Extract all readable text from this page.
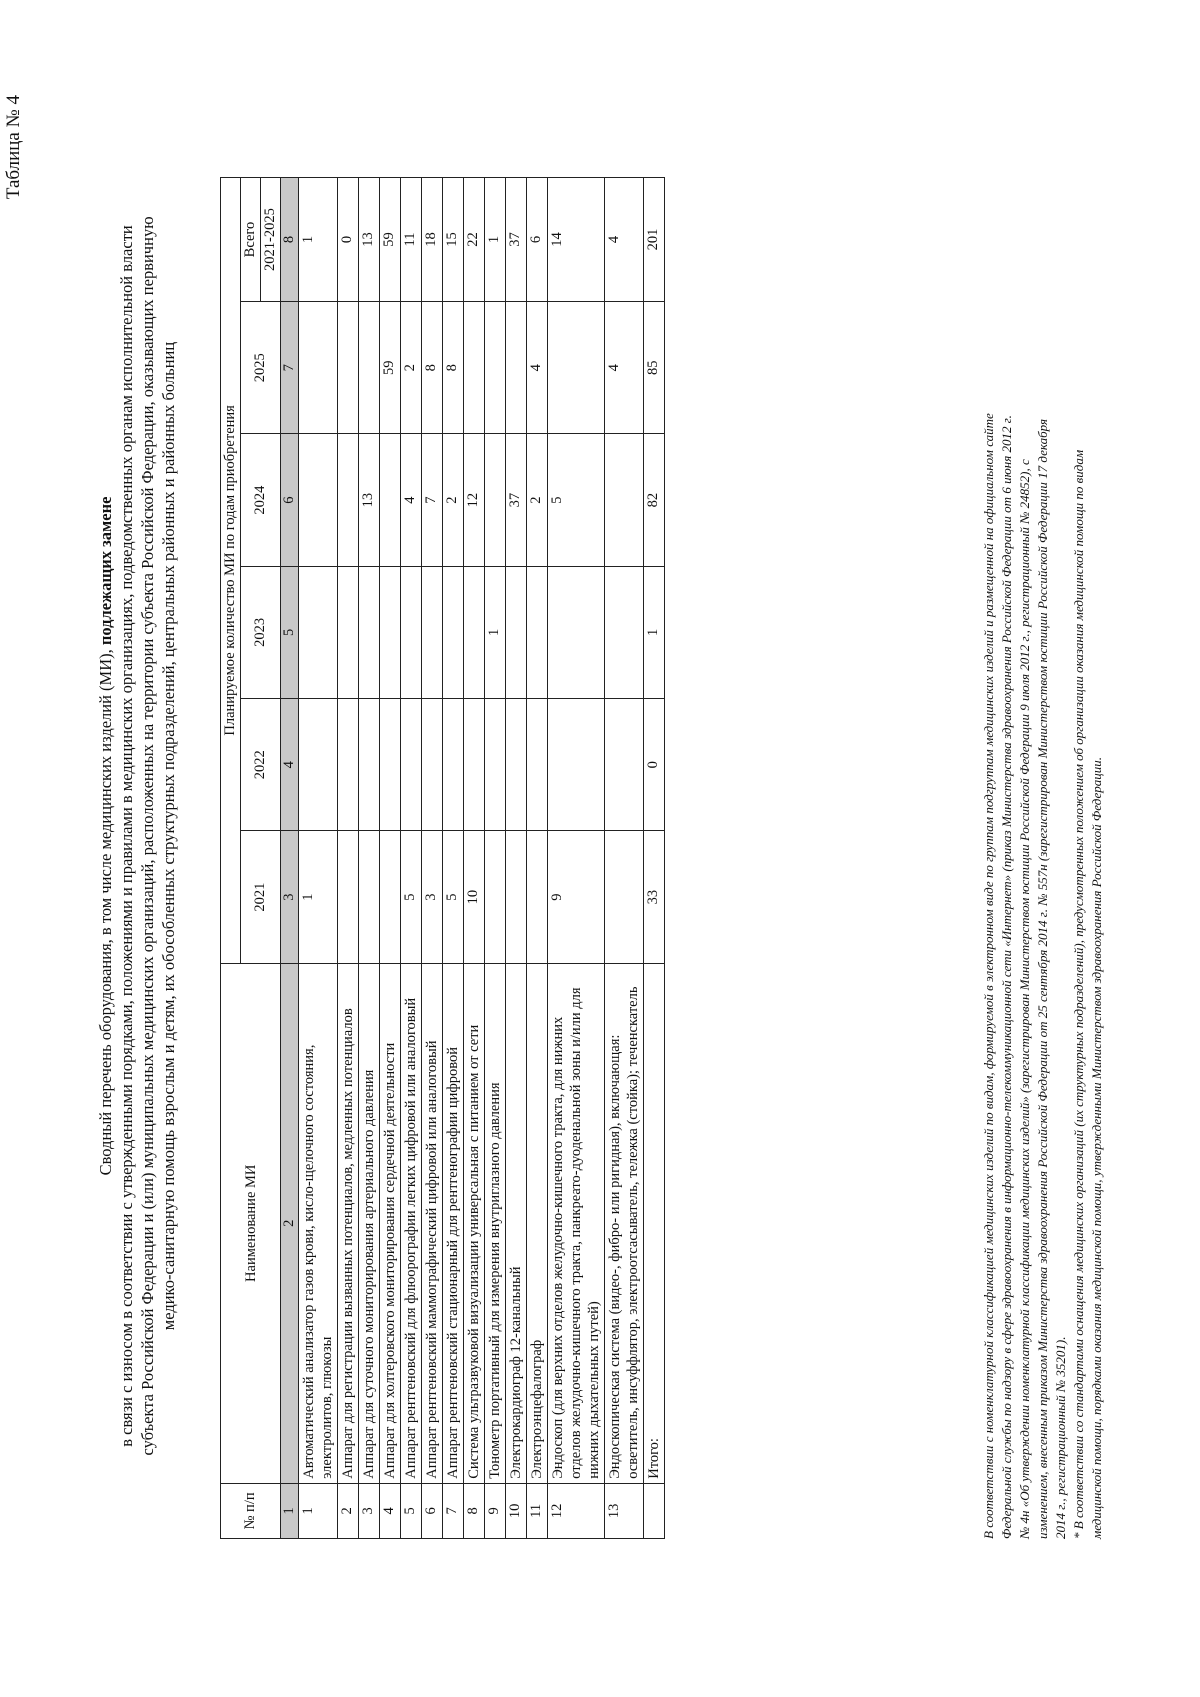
Таблица № 4
Сводный перечень оборудования, в том числе медицинских изделий (МИ), подлежащих замене в связи с износом в соответствии с утвержденными порядками, положениями и правилами в медицинских организациях, подведомственных органам исполнительной власти субъекта Российской Федерации и (или) муниципальных медицинских организаций, расположенных на территории субъекта Российской Федерации, оказывающих первичную медико-санитарную помощь взрослым и детям, их обособленных структурных подразделений, центральных районных и районных больниц
№ п/п	Наименование МИ	Планируемое количество МИ по годам приобретения					
		2021	2022	2023	2024	2025	Всего
							2021-2025
1	2	3	4	5	6	7	8
1	Автоматический анализатор газов крови, кисло-щелочного состояния, электролитов, глюкозы	1					1
2	Аппарат для регистрации вызванных потенциалов, медленных потенциалов						0
3	Аппарат для суточного мониторирования артериального давления				13		13
4	Аппарат для холтеровского мониторирования сердечной деятельности					59	59
5	Аппарат рентгеновский для флюорографии легких цифровой или аналоговый	5			4	2	11
6	Аппарат рентгеновский маммографический цифровой или аналоговый	3			7	8	18
7	Аппарат рентгеновский стационарный для рентгенографии цифровой	5			2	8	15
8	Система ультразвуковой визуализации универсальная с питанием от сети	10			12		22
9	Тонометр портативный для измерения внутриглазного давления			1			1
10	Электрокардиограф 12-канальный				37		37
11	Электроэнцефалограф				2	4	6
12	Эндоскоп (для верхних отделов желудочно-кишечного тракта, для нижних отделов желудочно-кишечного тракта, панкреато-дуоденальной зоны и/или для нижних дыхательных путей)	9			5		14
13	Эндоскопическая система (видео-, фибро- или ригидная), включающая: осветитель, инсуффлятор, электроотсасыватель, тележка (стойка); теченскатель					4	4
	Итого:	33	0	1	82	85	201

В соответствии с номенклатурной классификацией медицинских изделий по видам, формируемой в электронном виде по группам подгруппам медицинских изделий и размещенной на официальном сайте Федеральной службы по надзору в сфере здравоохранения в информационно-телекоммуникационной сети «Интернет» (приказ Министерства здравоохранения Российской Федерации от 6 июня 2012 г. № 4н «Об утверждении номенклатурной классификации медицинских изделий» (зарегистрирован Министерством юстиции Российской Федерации 9 июля 2012 г., регистрационный № 24852), с изменением, внесенным приказом Министерства здравоохранения Российской Федерации от 25 сентября 2014 г. № 557н (зарегистрирован Министерством юстиции Российской Федерации 17 декабря 2014 г., регистрационный № 35201). * В соответствии со стандартами оснащения медицинских организаций (их структурных подразделений), предусмотренных положением об организации оказания медицинской помощи по видам медицинской помощи, порядками оказания медицинской помощи, утвержденными Министерством здравоохранения Российской Федерации.
